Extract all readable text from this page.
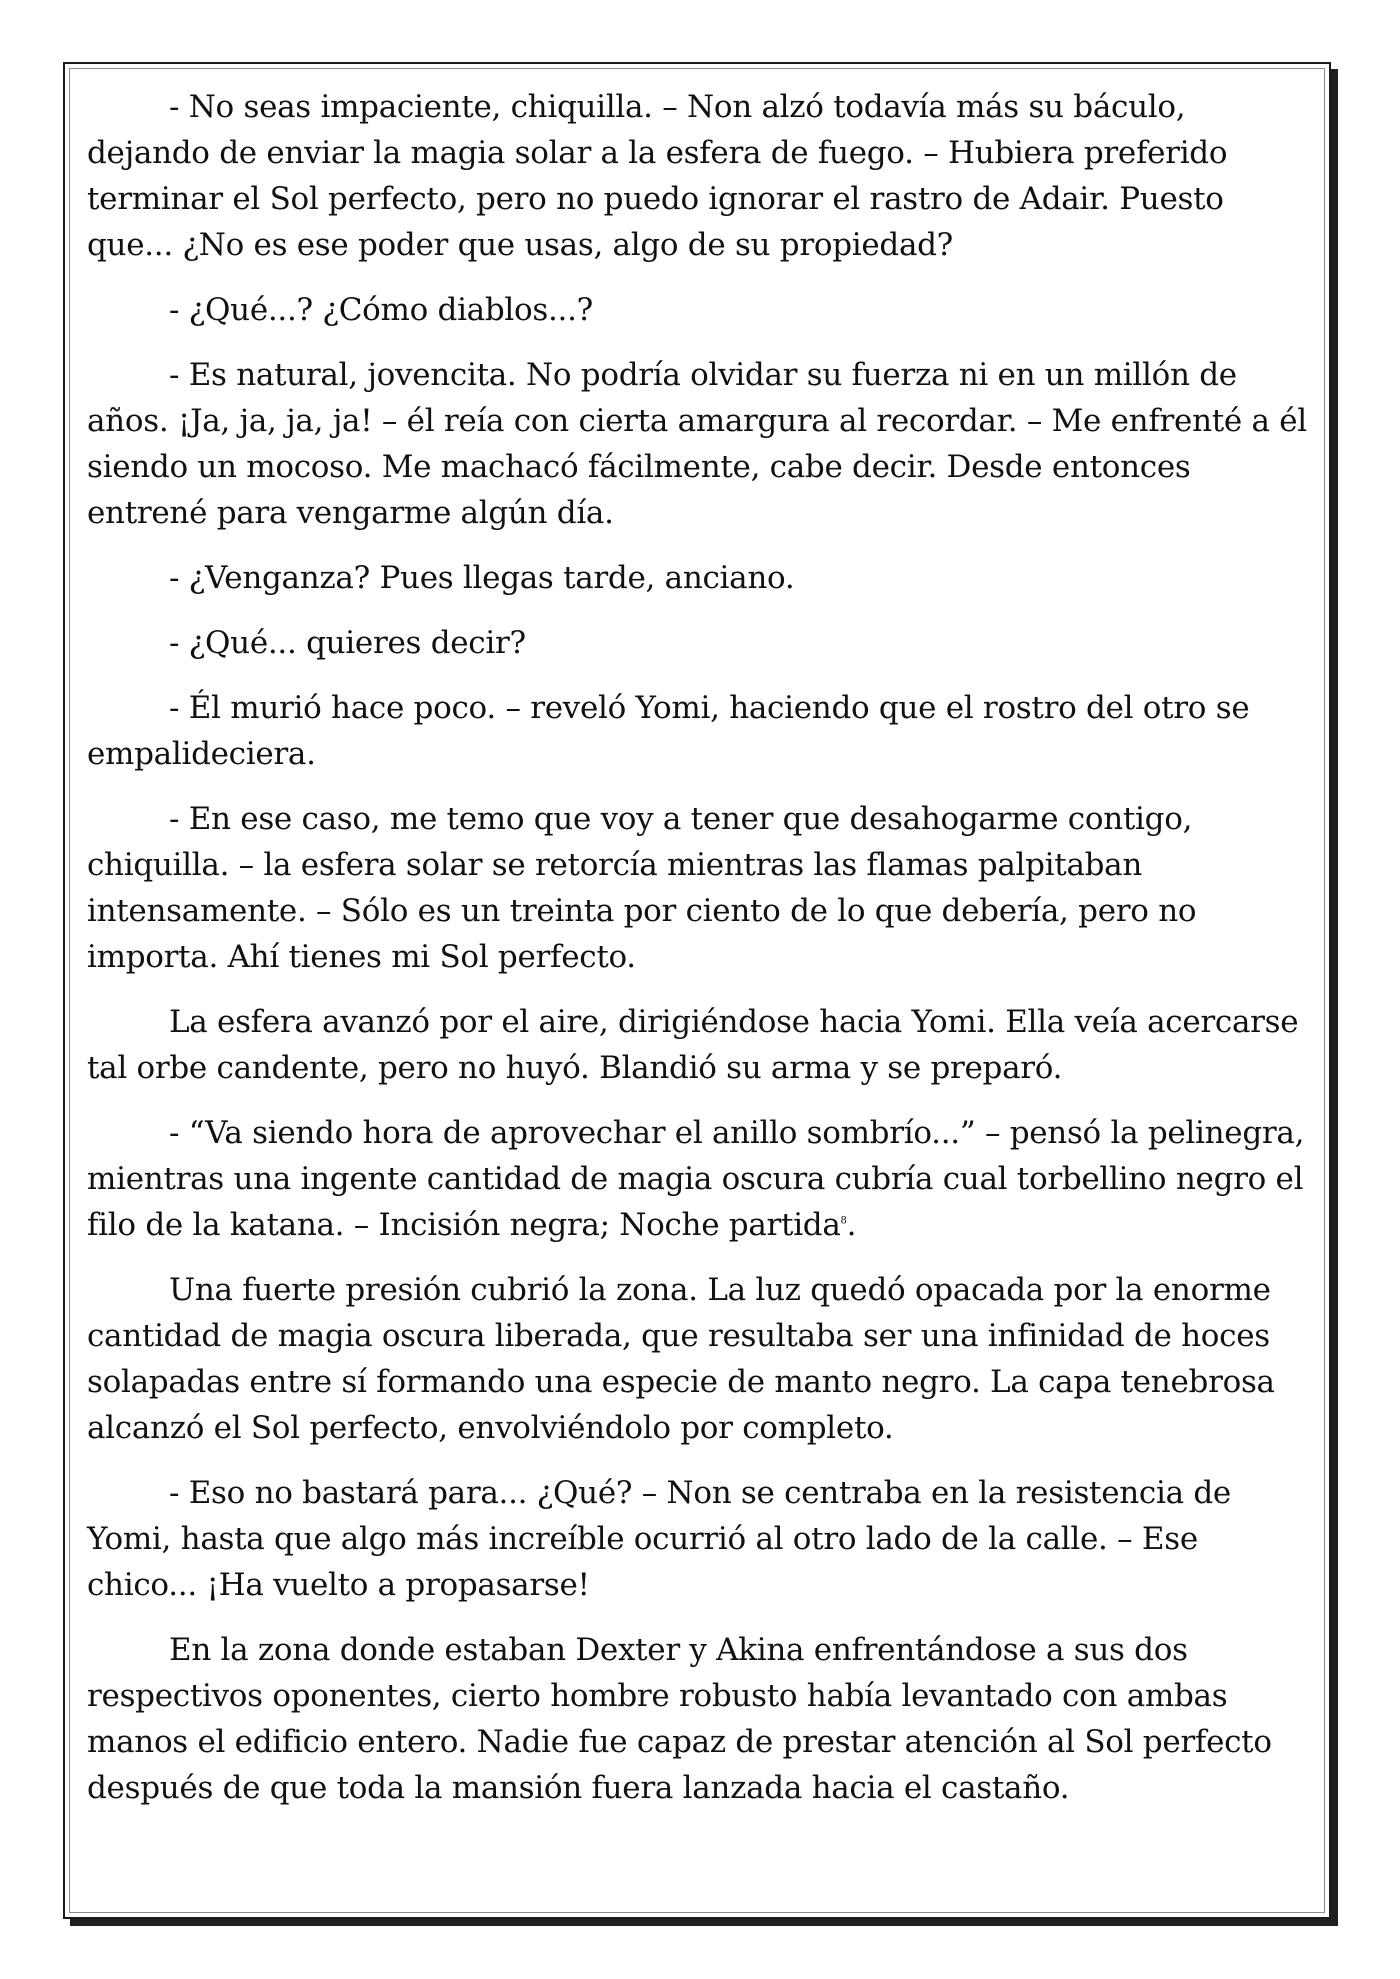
- No seas impaciente, chiquilla. – Non alzó todavía más su báculo, dejando de enviar la magia solar a la esfera de fuego. – Hubiera preferido terminar el Sol perfecto, pero no puedo ignorar el rastro de Adair. Puesto que... ¿No es ese poder que usas, algo de su propiedad?

- ¿Qué...? ¿Cómo diablos...?

- Es natural, jovencita. No podría olvidar su fuerza ni en un millón de años. ¡Ja, ja, ja, ja! – él reía con cierta amargura al recordar. – Me enfrenté a él siendo un mocoso. Me machacó fácilmente, cabe decir. Desde entonces entrené para vengarme algún día.

- ¿Venganza? Pues llegas tarde, anciano.

- ¿Qué... quieres decir?

- Él murió hace poco. – reveló Yomi, haciendo que el rostro del otro se empalideciera.

- En ese caso, me temo que voy a tener que desahogarme contigo, chiquilla. – la esfera solar se retorcía mientras las flamas palpitaban intensamente. – Sólo es un treinta por ciento de lo que debería, pero no importa. Ahí tienes mi Sol perfecto.

La esfera avanzó por el aire, dirigiéndose hacia Yomi. Ella veía acercarse tal orbe candente, pero no huyó. Blandió su arma y se preparó.

- “Va siendo hora de aprovechar el anillo sombrío...” – pensó la pelinegra, mientras una ingente cantidad de magia oscura cubría cual torbellino negro el filo de la katana. – Incisión negra; Noche partida$^8$.

Una fuerte presión cubrió la zona. La luz quedó opacada por la enorme cantidad de magia oscura liberada, que resultaba ser una infinidad de hoces solapadas entre sí formando una especie de manto negro. La capa tenebrosa alcanzó el Sol perfecto, envolviéndolo por completo.

- Eso no bastará para... ¿Qué? – Non se centraba en la resistencia de Yomi, hasta que algo más increíble ocurrió al otro lado de la calle. – Ese chico... ¡Ha vuelto a propasarse!

En la zona donde estaban Dexter y Akina enfrentándose a sus dos respectivos oponentes, cierto hombre robusto había levantado con ambas manos el edificio entero. Nadie fue capaz de prestar atención al Sol perfecto después de que toda la mansión fuera lanzada hacia el castaño.
